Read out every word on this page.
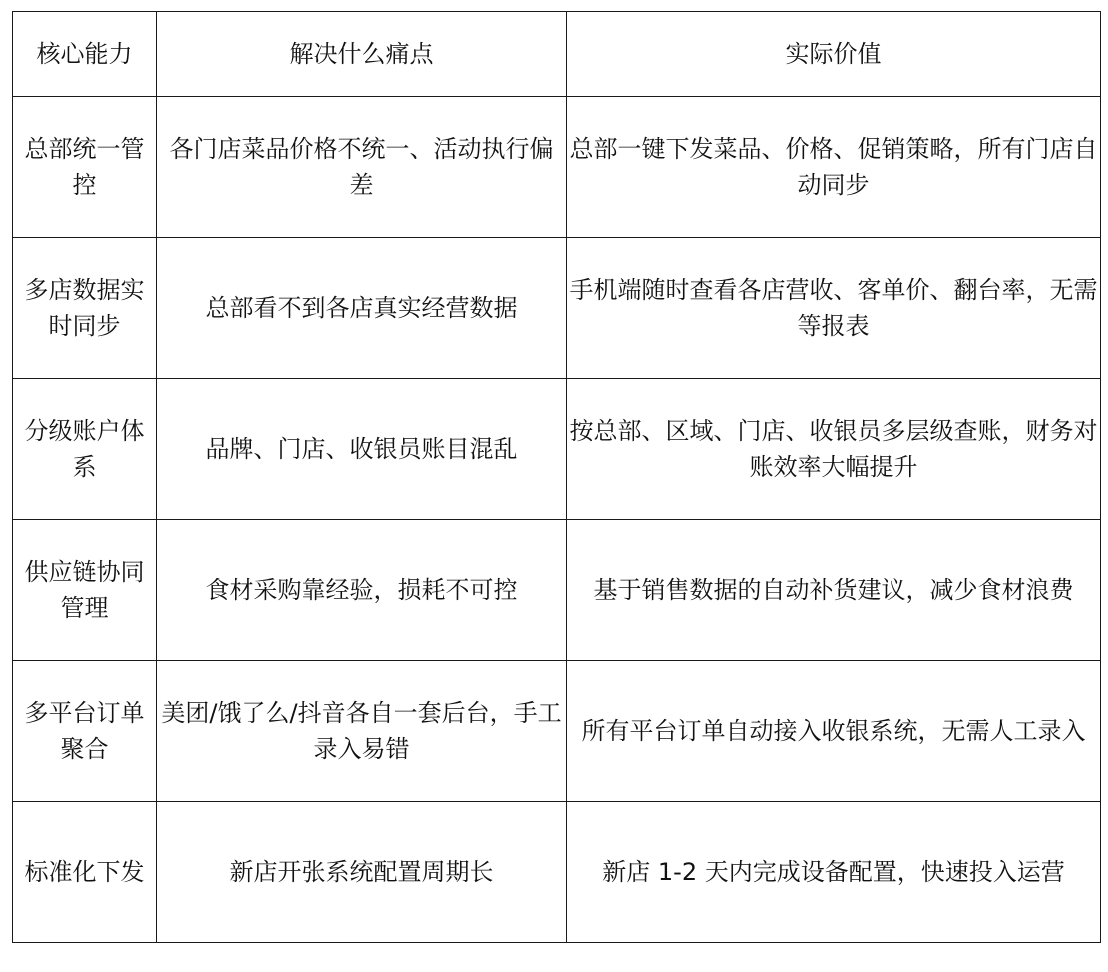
核心能力	解决什么痛点	实际价值
总部统一管控	各门店菜品价格不统一、活动执行偏差	总部一键下发菜品、价格、促销策略，所有门店自动同步
多店数据实时同步	总部看不到各店真实经营数据	手机端随时查看各店营收、客单价、翻台率，无需等报表
分级账户体系	品牌、门店、收银员账目混乱	按总部、区域、门店、收银员多层级查账，财务对账效率大幅提升
供应链协同管理	食材采购靠经验，损耗不可控	基于销售数据的自动补货建议，减少食材浪费
多平台订单聚合	美团/饿了么/抖音各自一套后台，手工录入易错	所有平台订单自动接入收银系统，无需人工录入
标准化下发	新店开张系统配置周期长	新店 1-2 天内完成设备配置，快速投入运营
